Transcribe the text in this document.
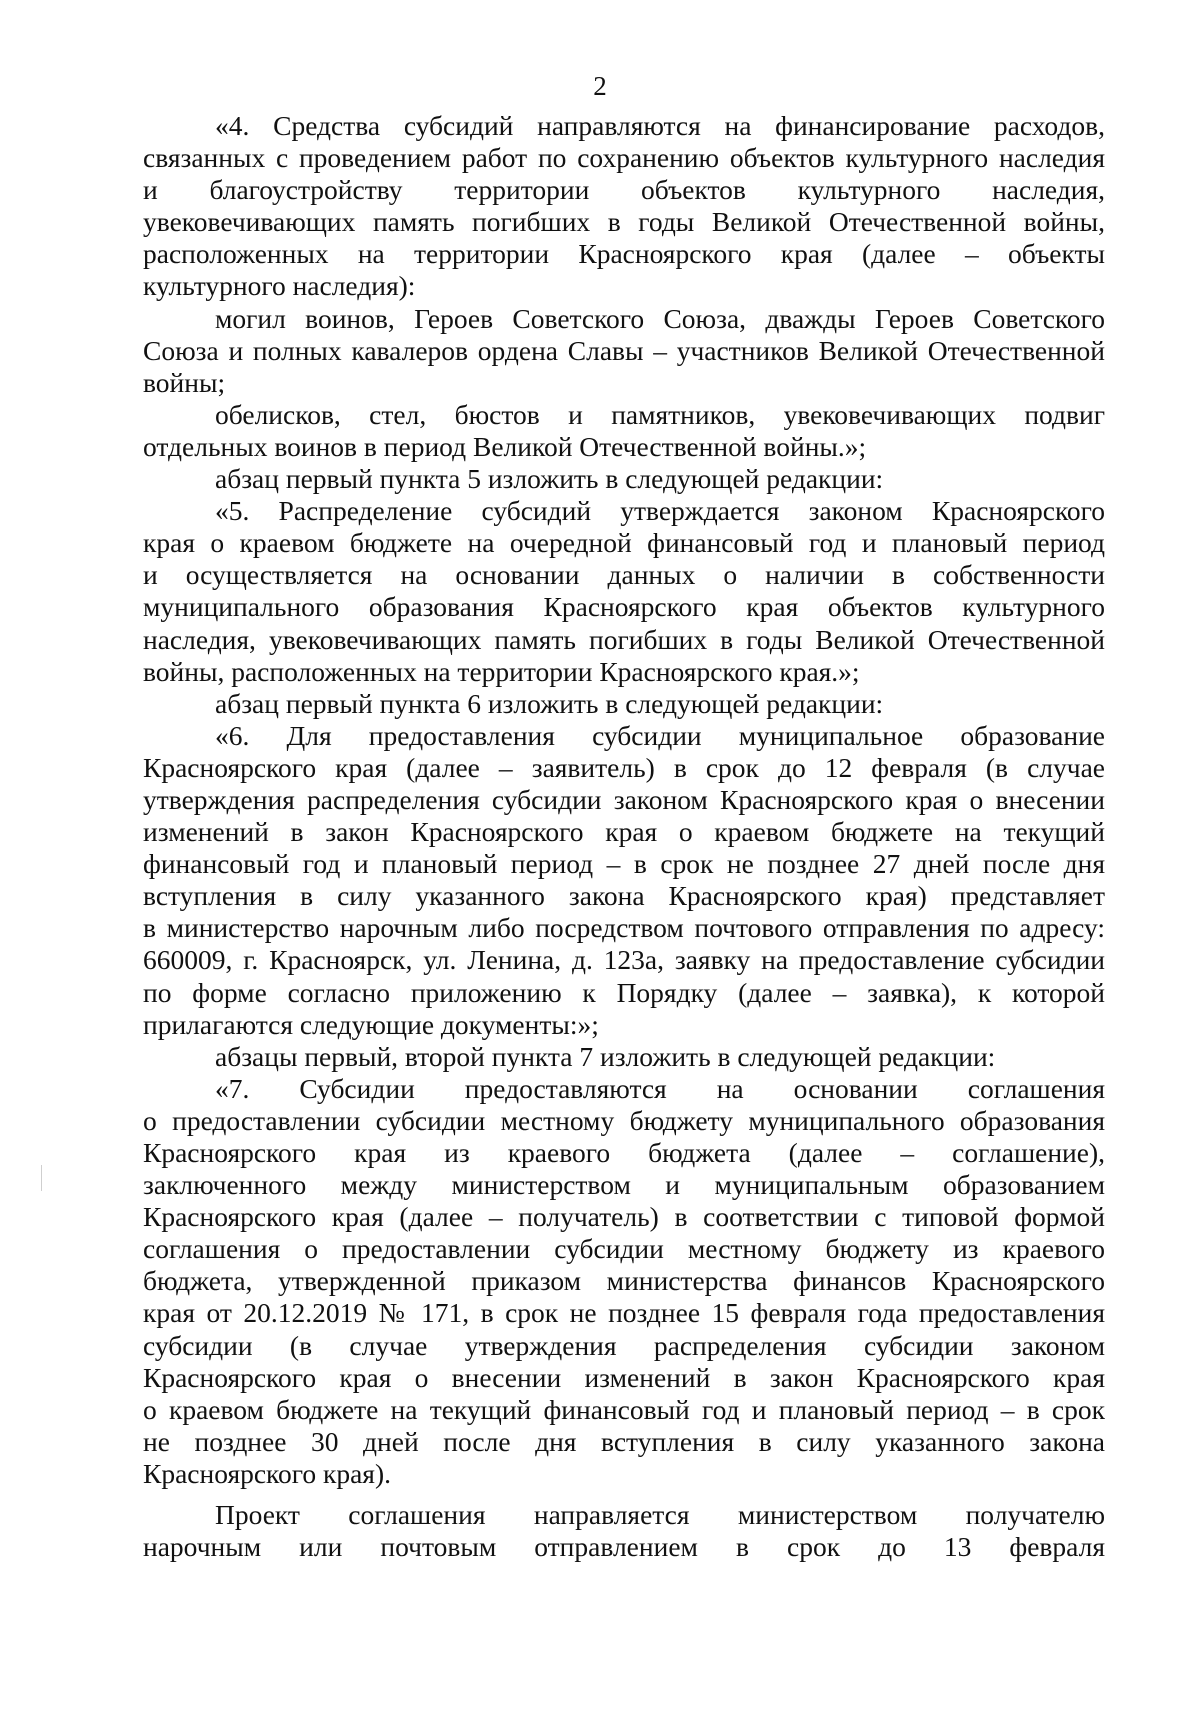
2
«4. Средства субсидий направляются на финансирование расходов,
связанных с проведением работ по сохранению объектов культурного наследия
и благоустройству территории объектов культурного наследия,
увековечивающих память погибших в годы Великой Отечественной войны,
расположенных на территории Красноярского края (далее – объекты
культурного наследия):
могил воинов, Героев Советского Союза, дважды Героев Советского
Союза и полных кавалеров ордена Славы – участников Великой Отечественной
войны;
обелисков, стел, бюстов и памятников, увековечивающих подвиг
отдельных воинов в период Великой Отечественной войны.»;
абзац первый пункта 5 изложить в следующей редакции:
«5. Распределение субсидий утверждается законом Красноярского
края о краевом бюджете на очередной финансовый год и плановый период
и осуществляется на основании данных о наличии в собственности
муниципального образования Красноярского края объектов культурного
наследия, увековечивающих память погибших в годы Великой Отечественной
войны, расположенных на территории Красноярского края.»;
абзац первый пункта 6 изложить в следующей редакции:
«6. Для предоставления субсидии муниципальное образование
Красноярского края (далее – заявитель) в срок до 12 февраля (в случае
утверждения распределения субсидии законом Красноярского края о внесении
изменений в закон Красноярского края о краевом бюджете на текущий
финансовый год и плановый период – в срок не позднее 27 дней после дня
вступления в силу указанного закона Красноярского края) представляет
в министерство нарочным либо посредством почтового отправления по адресу:
660009, г. Красноярск, ул. Ленина, д. 123а, заявку на предоставление субсидии
по форме согласно приложению к Порядку (далее – заявка), к которой
прилагаются следующие документы:»;
абзацы первый, второй пункта 7 изложить в следующей редакции:
«7. Субсидии предоставляются на основании соглашения
о предоставлении субсидии местному бюджету муниципального образования
Красноярского края из краевого бюджета (далее – соглашение),
заключенного между министерством и муниципальным образованием
Красноярского края (далее – получатель) в соответствии с типовой формой
соглашения о предоставлении субсидии местному бюджету из краевого
бюджета, утвержденной приказом министерства финансов Красноярского
края от 20.12.2019 № 171, в срок не позднее 15 февраля года предоставления
субсидии (в случае утверждения распределения субсидии законом
Красноярского края о внесении изменений в закон Красноярского края
о краевом бюджете на текущий финансовый год и плановый период – в срок
не позднее 30 дней после дня вступления в силу указанного закона
Красноярского края).
Проект соглашения направляется министерством получателю
нарочным или почтовым отправлением в срок до 13 февраля
